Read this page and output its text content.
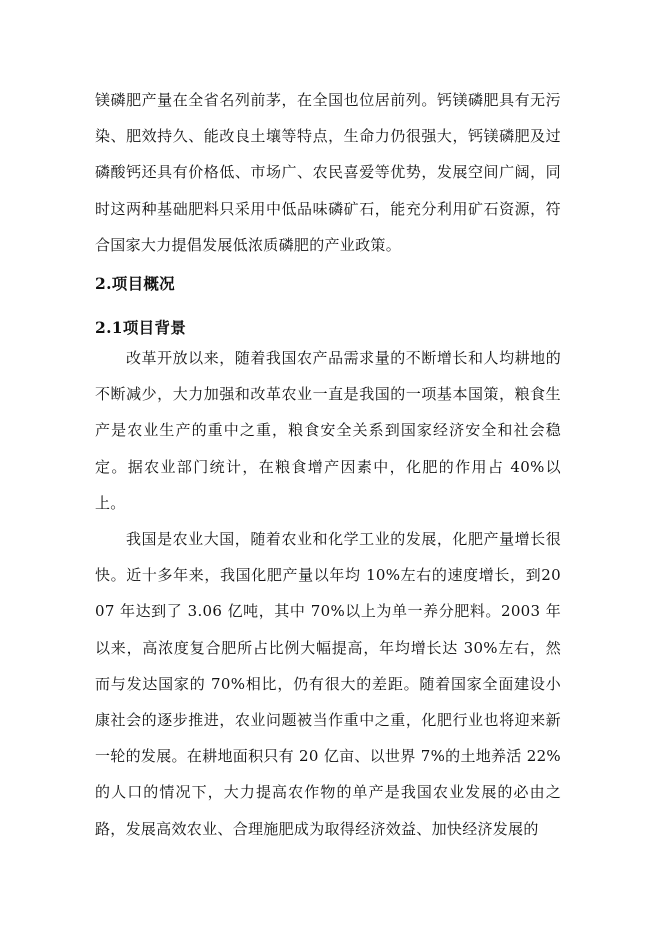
镁磷肥产量在全省名列前茅，在全国也位居前列。钙镁磷肥具有无污染、肥效持久、能改良土壤等特点，生命力仍很强大，钙镁磷肥及过磷酸钙还具有价格低、市场广、农民喜爱等优势，发展空间广阔，同时这两种基础肥料只采用中低品味磷矿石，能充分利用矿石资源，符合国家大力提倡发展低浓质磷肥的产业政策。

2.项目概况
2.1项目背景

改革开放以来，随着我国农产品需求量的不断增长和人均耕地的不断减少，大力加强和改革农业一直是我国的一项基本国策，粮食生产是农业生产的重中之重，粮食安全关系到国家经济安全和社会稳定。据农业部门统计，在粮食增产因素中，化肥的作用占 40%以上。

我国是农业大国，随着农业和化学工业的发展，化肥产量增长很快。近十多年来，我国化肥产量以年均 10%左右的速度增长，到2007 年达到了 3.06 亿吨，其中 70%以上为单一养分肥料。2003 年以来，高浓度复合肥所占比例大幅提高，年均增长达 30%左右，然而与发达国家的 70%相比，仍有很大的差距。随着国家全面建设小康社会的逐步推进，农业问题被当作重中之重，化肥行业也将迎来新一轮的发展。在耕地面积只有 20 亿亩、以世界 7%的土地养活 22%的人口的情况下，大力提高农作物的单产是我国农业发展的必由之路，发展高效农业、合理施肥成为取得经济效益、加快经济发展的
